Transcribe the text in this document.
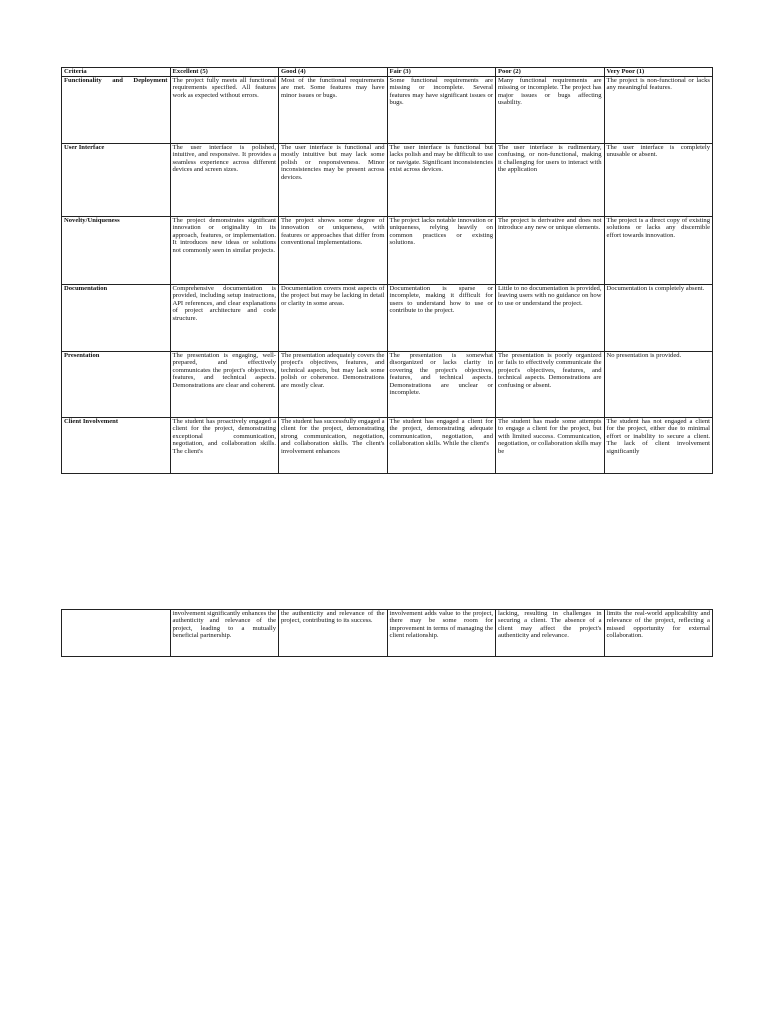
Criteria	Excellent (5)	Good (4)	Fair (3)	Poor (2)	Very Poor (1)
Functionality and Deployment	The project fully meets all functional requirements specified. All features work as expected without errors.	Most of the functional requirements are met. Some features may have minor issues or bugs.	Some functional requirements are missing or incomplete. Several features may have significant issues or bugs.	Many functional requirements are missing or incomplete. The project has major issues or bugs affecting usability.	The project is non-functional or lacks any meaningful features.
User Interface	The user interface is polished, intuitive, and responsive. It provides a seamless experience across different devices and screen sizes.	The user interface is functional and mostly intuitive but may lack some polish or responsiveness. Minor inconsistencies may be present across devices.	The user interface is functional but lacks polish and may be difficult to use or navigate. Significant inconsistencies exist across devices.	The user interface is rudimentary, confusing, or non-functional, making it challenging for users to interact with the application	The user interface is completely unusable or absent.
Novelty/Uniqueness	The project demonstrates significant innovation or originality in its approach, features, or implementation. It introduces new ideas or solutions not commonly seen in similar projects.	The project shows some degree of innovation or uniqueness, with features or approaches that differ from conventional implementations.	The project lacks notable innovation or uniqueness, relying heavily on common practices or existing solutions.	The project is derivative and does not introduce any new or unique elements.	The project is a direct copy of existing solutions or lacks any discernible effort towards innovation.
Documentation	Comprehensive documentation is provided, including setup instructions, API references, and clear explanations of project architecture and code structure.	Documentation covers most aspects of the project but may be lacking in detail or clarity in some areas.	Documentation is sparse or incomplete, making it difficult for users to understand how to use or contribute to the project.	Little to no documentation is provided, leaving users with no guidance on how to use or understand the project.	Documentation is completely absent.
Presentation	The presentation is engaging, well-prepared, and effectively communicates the project's objectives, features, and technical aspects. Demonstrations are clear and coherent.	The presentation adequately covers the project's objectives, features, and technical aspects, but may lack some polish or coherence. Demonstrations are mostly clear.	The presentation is somewhat disorganized or lacks clarity in covering the project's objectives, features, and technical aspects. Demonstrations are unclear or incomplete.	The presentation is poorly organized or fails to effectively communicate the project's objectives, features, and technical aspects. Demonstrations are confusing or absent.	No presentation is provided.
Client Involvement	The student has proactively engaged a client for the project, demonstrating exceptional communication, negotiation, and collaboration skills. The client's	The student has successfully engaged a client for the project, demonstrating strong communication, negotiation, and collaboration skills. The client's involvement enhances	The student has engaged a client for the project, demonstrating adequate communication, negotiation, and collaboration skills. While the client's	The student has made some attempts to engage a client for the project, but with limited success. Communication, negotiation, or collaboration skills may be	The student has not engaged a client for the project, either due to minimal effort or inability to secure a client. The lack of client involvement significantly
	involvement significantly enhances the authenticity and relevance of the project, leading to a mutually beneficial partnership.	the authenticity and relevance of the project, contributing to its success.	involvement adds value to the project, there may be some room for improvement in terms of managing the client relationship.	lacking, resulting in challenges in securing a client. The absence of a client may affect the project's authenticity and relevance.	limits the real-world applicability and relevance of the project, reflecting a missed opportunity for external collaboration.
